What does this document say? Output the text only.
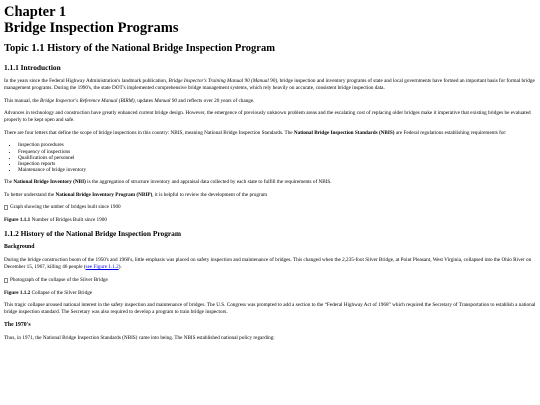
Chapter 1
Bridge Inspection Programs
Topic 1.1 History of the National Bridge Inspection Program
1.1.1 Introduction

In the years since the Federal Highway Administration's landmark publication, Bridge Inspector's Training Manual 90 (Manual 90), bridge inspection and inventory programs of state and local governments have formed an important basis for formal bridge management programs. During the 1990's, the state DOT's implemented comprehensive bridge management systems, which rely heavily on accurate, consistent bridge inspection data.

This manual, the Bridge Inspector's Reference Manual (BIRM), updates Manual 90 and reflects over 20 years of change.

Advances in technology and construction have greatly enhanced current bridge design. However, the emergence of previously unknown problem areas and the escalating cost of replacing older bridges make it imperative that existing bridges be evaluated properly to be kept open and safe.

There are four letters that define the scope of bridge inspections in this country: NBIS, meaning National Bridge Inspection Standards. The National Bridge Inspection Standards (NBIS) are Federal regulations establishing requirements for:

• Inspection procedures
• Frequency of inspections
• Qualifications of personnel
• Inspection reports
• Maintenance of bridge inventory

The National Bridge Inventory (NBI) is the aggregation of structure inventory and appraisal data collected by each state to fulfill the requirements of NBIS.

To better understand the National Bridge Inventory Program (NBIP), it is helpful to review the development of the program

Graph showing the umber of bridges built since 1900

Figure 1.1.1 Number of Bridges Built since 1900

1.1.2 History of the National Bridge Inspection Program
Background

During the bridge construction boom of the 1950's and 1960's, little emphasis was placed on safety inspection and maintenance of bridges. This changed when the 2,235-foot Silver Bridge, at Point Pleasant, West Virginia, collapsed into the Ohio River on December 15, 1967, killing 46 people (see Figure 1.1.2).

Photograph of the collapse of the Silver Bridge

Figure 1.1.2 Collapse of the Silver Bridge

This tragic collapse aroused national interest in the safety inspection and maintenance of bridges. The U.S. Congress was prompted to add a section to the “Federal Highway Act of 1968” which required the Secretary of Transportation to establish a national bridge inspection standard. The Secretary was also required to develop a program to train bridge inspectors.

The 1970's

Thus, in 1971, the National Bridge Inspection Standards (NBIS) came into being. The NBIS established national policy regarding:
